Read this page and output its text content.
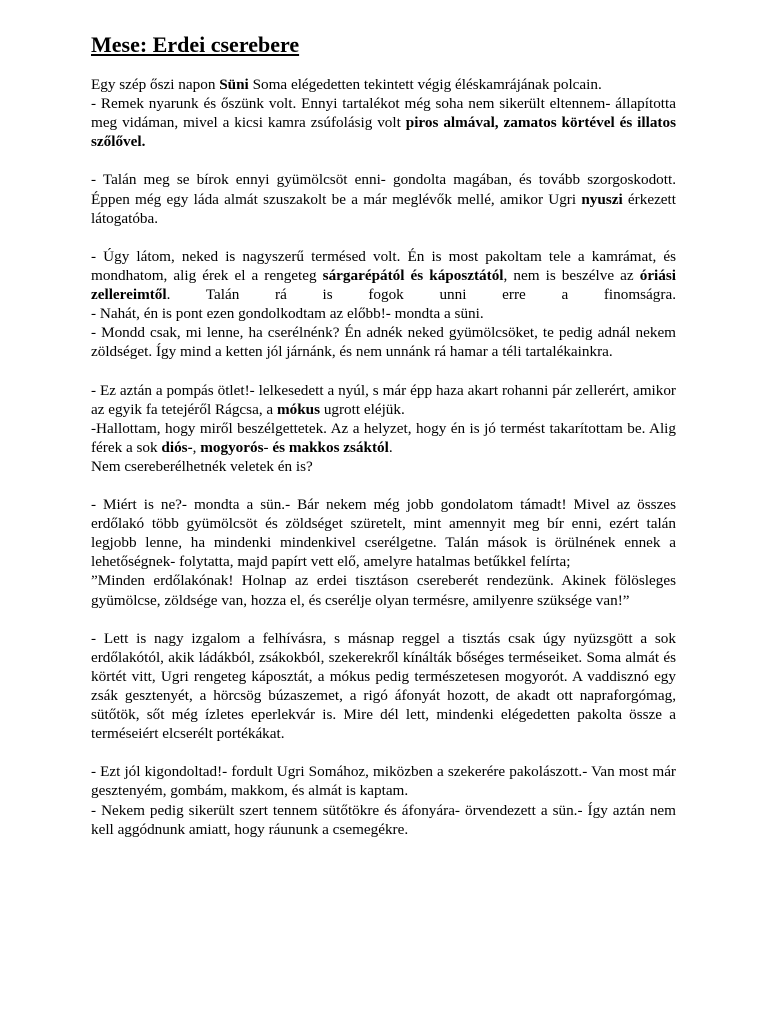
Mese: Erdei cserebere

Egy szép őszi napon Süni Soma elégedetten tekintett végig éléskamrájának polcain.

- Remek nyarunk és őszünk volt. Ennyi tartalékot még soha nem sikerült eltennem- állapította meg vidáman, mivel a kicsi kamra zsúfolásig volt piros almával, zamatos körtével és illatos szőlővel.

- Talán meg se bírok ennyi gyümölcsöt enni- gondolta magában, és tovább szorgoskodott. Éppen még egy láda almát szuszakolt be a már meglévők mellé, amikor Ugri nyuszi érkezett látogatóba.

- Úgy látom, neked is nagyszerű termésed volt. Én is most pakoltam tele a kamrámat, és mondhatom, alig érek el a rengeteg sárgarépától és káposztától, nem is beszélve az óriási zellereimtől. Talán rá is fogok unni erre a finomságra.

- Nahát, én is pont ezen gondolkodtam az előbb!- mondta a süni.

- Mondd csak, mi lenne, ha cserélnénk? Én adnék neked gyümölcsöket, te pedig adnál nekem zöldséget. Így mind a ketten jól járnánk, és nem unnánk rá hamar a téli tartalékainkra.

- Ez aztán a pompás ötlet!- lelkesedett a nyúl, s már épp haza akart rohanni pár zellerért, amikor az egyik fa tetejéről Rágcsa, a mókus ugrott eléjük.

-Hallottam, hogy miről beszélgettetek. Az a helyzet, hogy én is jó termést takarítottam be. Alig férek a sok diós-, mogyorós- és makkos zsáktól.

Nem csereberélhetnék veletek én is?

- Miért is ne?- mondta a sün.- Bár nekem még jobb gondolatom támadt! Mivel az összes erdőlakó több gyümölcsöt és zöldséget szüretelt, mint amennyit meg bír enni, ezért talán legjobb lenne, ha mindenki mindenkivel cserélgetne. Talán mások is örülnének ennek a lehetőségnek- folytatta, majd papírt vett elő, amelyre hatalmas betűkkel felírta;

”Minden erdőlakónak! Holnap az erdei tisztáson csereberét rendezünk. Akinek fölösleges gyümölcse, zöldsége van, hozza el, és cserélje olyan termésre, amilyenre szüksége van!”

- Lett is nagy izgalom a felhívásra, s másnap reggel a tisztás csak úgy nyüzsgött a sok erdőlakótól, akik ládákból, zsákokból, szekerekről kínálták bőséges terméseiket. Soma almát és körtét vitt, Ugri rengeteg káposztát, a mókus pedig természetesen mogyorót. A vaddisznó egy zsák gesztenyét, a hörcsög búzaszemet, a rigó áfonyát hozott, de akadt ott napraforgómag, sütőtök, sőt még ízletes eperlekvár is. Mire dél lett, mindenki elégedetten pakolta össze a terméseiért elcserélt portékákat.

- Ezt jól kigondoltad!- fordult Ugri Somához, miközben a szekerére pakolászott.- Van most már gesztenyém, gombám, makkom, és almát is kaptam.

- Nekem pedig sikerült szert tennem sütőtökre és áfonyára- örvendezett a sün.- Így aztán nem kell aggódnunk amiatt, hogy ráununk a csemegékre.
